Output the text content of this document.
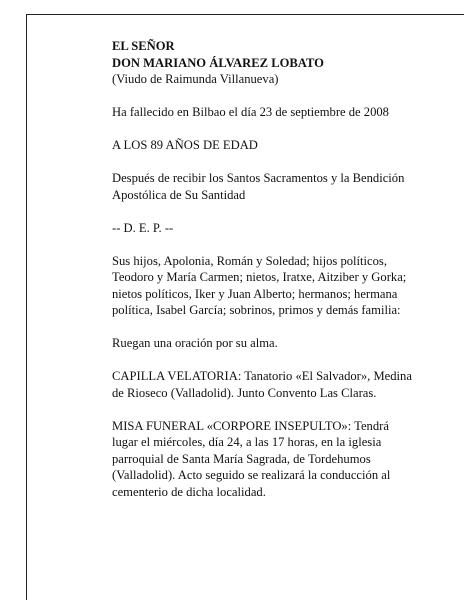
EL SEÑOR

DON MARIANO ÁLVAREZ LOBATO

(Viudo de Raimunda Villanueva)

Ha fallecido en Bilbao el día 23 de septiembre de 2008

A LOS 89 AÑOS DE EDAD

Después de recibir los Santos Sacramentos y la Bendición Apostólica de Su Santidad

-- D. E. P. --

Sus hijos, Apolonia, Román y Soledad; hijos políticos, Teodoro y María Carmen; nietos, Iratxe, Aitziber y Gorka; nietos políticos, Iker y Juan Alberto; hermanos; hermana política, Isabel García; sobrinos, primos y demás familia:

Ruegan una oración por su alma.

CAPILLA VELATORIA: Tanatorio «El Salvador», Medina de Rioseco (Valladolid). Junto Convento Las Claras.

MISA FUNERAL «CORPORE INSEPULTO»: Tendrá lugar el miércoles, día 24, a las 17 horas, en la iglesia parroquial de Santa María Sagrada, de Tordehumos (Valladolid). Acto seguido se realizará la conducción al cementerio de dicha localidad.
